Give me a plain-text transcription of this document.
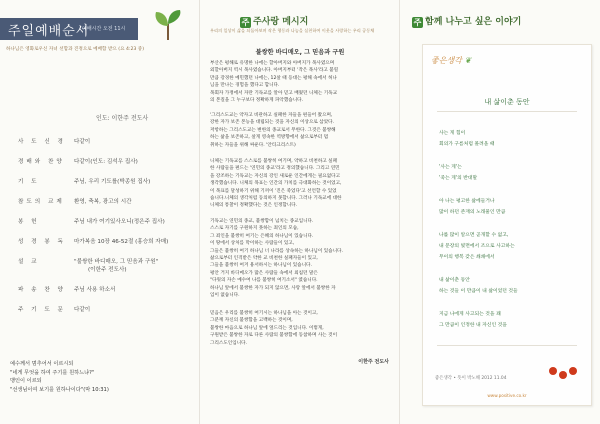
주일예배순서
예배시간 오전 11시
하나님은 영화로우신 자녀 선함과 진정으로 예배함 받으 (요 4:23 중)
인도: 이한주 전도사
사 도 신 경	다같이
경배와 찬양	다같이(인도: 김석우 집사)
기 도	주님, 우리 기도를(박종원 집사)
참도의 교제	환영, 축복, 광고의 시간
봉 헌	주님 내가 여기있사오니(정은주 집사)
성 경 봉 독	마가복음 10장 46-52절 (홍승희 자매)
설 교	"불쌍한 바디매오, 그 믿음과 구원"
(이한주 전도사)
파 송 찬 양	주님 사용 하소서
주 기 도 문	다같이
예수께서 멈추어서 이르시되
"네게 무엇을 하여 주기를 원하느냐?"
맹인이 이르되
"선생님이여 보기를 원하나이다"(막 10:31)
주 주사랑 메시지
우리의 일상이 삶을 되돌아보며 작은 행동과 나눔을 실천하여 이웃을 사랑하는 우리 공동체
불쌍한 바디매오, 그 믿음과 구원

부산은 평해로 유명한 나에는 할아버지와 아버지가 목사였으며

외할아버지 역시 목사였습니다. 아버지부터 '작은 목사'라고 불릴

만큼 강경한 예민했던 나에는, 12살 때 등대는 평해 속에서 허나

님을 만나는 경험을 했다고 합니다.

목회자 가정에서 자란 기독교를 알아 믿고 배웠던 니체는 기독교

의 본질을 그 누구보다 정확하게 파악했습니다.

'그리스도교는 약자고 비관하고 실패한 자들을 편들어 왔으며,

강한 자가 보존 본능을 대립되는 것을 자신의 이상으로 삼았다.

저항하는 그리스도교는 변한의 종교로서 무한다. 그것은 불쌍해

하는 삶을 보존하고, 살게 영속한 역방향에서 삶으로부터 멈

취하는 자들을 위해 싸운다. '안티크리스트)

니체는 기독교를 스스로를 불쌍히 여기며, 약하고 비천하고 실패

한 사람들을 편드는 '연민의 종교'라고 정의했습니다. 그리고 연민

을 강조하는 기독교는 자신의 강인 새로운 인간에게는 필요없다고

생각했습니다. 니체의 목표는 인간의 가치를 극대화하는 것이었고,

이 목표를 달성하기 위해 기꺼이 '진은 죽었다'고 선언할 수 있었

습니다.니체의 생각처럼 동의하지 못합니다. 그러나 기독교에 대한

니체의 통찰이 정확했다는 것은 인정합니다.

기독교는 연민의 종교, 불쌍함이 넘치는 종교입니다.

스스로 자기를 구원하지 못하는 죄인의 모습,

그 죄인을 불쌍히 여기는 은혜의 하나님이 있습니다.

이 땅에서 상처를 막이하는 사람들이 있고,

그들은 불쌍히 여기 하나님 너 나라를 상속하는 하나님이 있습니다.

삶으로부터 인격받은 약한 교 비천한 실패자들이 있고,

그들을 불쌍히 여겨 용서하시는 하나님이 있습니다.

평안 거지 바디메오가 많은 사람들 속에서 외침던 말은

"다윗의 자손 예수여 나를 불쌍히 여기소서" 였습니다.

하나님 앞에서 불쌍한 자가 되지 않으면, 사랑 앞에서 불쌍한 자

입이 없습니다.

믿음은 우리를 불쌍히 여기시는 하나님을 아는 것이고,

그분께 자신의 불쌍함을 고백하는 것이며,

불쌍한 마음으로 하나님 앞에 엎드리는 것입니다. 이렇게,

구원받은 불쌍한 자로 다른 사람의 불쌍함에 동참하며 사는 것이

그리스도인입니다.

이한주 전도사
주 함께 나누고 싶은 이야기
좋은생각 ❦
내 삶이춘 동안
사는 게 힘이
회의가 구름처럼 몰려올 때
'사는 게'는
'죽는 게'의 반대말
아 나는 평고한 삶에들거나
많이 하던 존재의 노래물인 만큼
나를 많이 알으면 곧개할 수 없고,
내 문장의 빛면에서 조으로 사고하는
무이의 행복 갖은 쇄쇄에서
내 삶이춘 동안
하는 것들 이 만큼이 내 삶이었던 것들
지금 나에게 사고되는 것을 꽤
그 만큼이 인정한 내 자신인 것을
좋은생각 • 뜻이 박노해 2012 11.04
www.positive.co.kr
